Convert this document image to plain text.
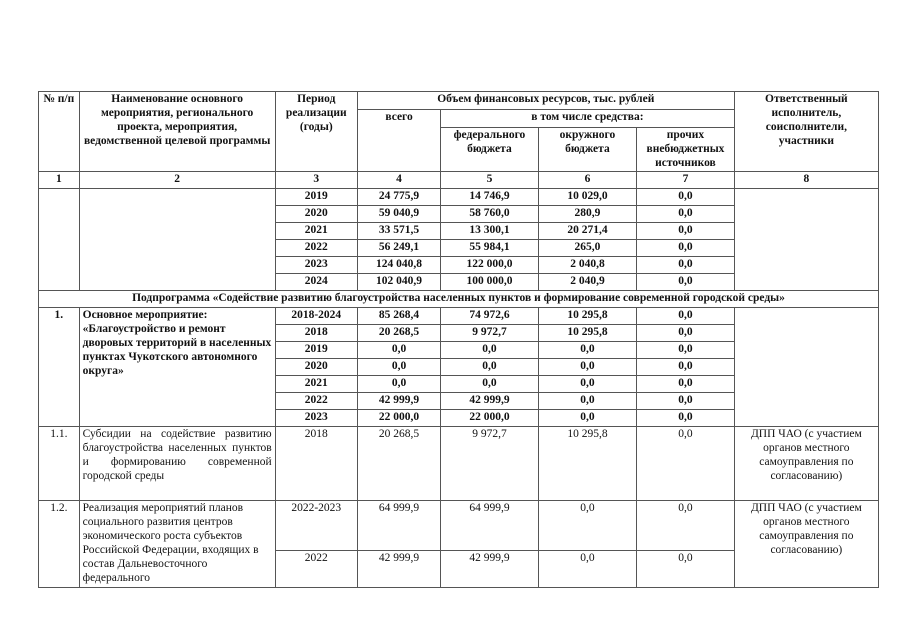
№ п/п	Наименование основного мероприятия, регионального проекта, мероприятия, ведомственной целевой программы	Период реализации (годы)	Объем финансовых ресурсов, тыс. рублей				Ответственный исполнитель, соисполнители, участники
			всего	в том числе средства:			
				федерального бюджета	окружного бюджета	прочих внебюджетных источников	
1	2	3	4	5	6	7	8
		2019	24 775,9	14 746,9	10 029,0	0,0	
		2020	59 040,9	58 760,0	280,9	0,0	
		2021	33 571,5	13 300,1	20 271,4	0,0	
		2022	56 249,1	55 984,1	265,0	0,0	
		2023	124 040,8	122 000,0	2 040,8	0,0	
		2024	102 040,9	100 000,0	2 040,9	0,0	
Подпрограмма «Содействие развитию благоустройства населенных пунктов и формирование современной городской среды»							
1.	Основное мероприятие: «Благоустройство и ремонт дворовых территорий в населенных пунктах Чукотского автономного округа»	2018-2024	85 268,4	74 972,6	10 295,8	0,0	
		2018	20 268,5	9 972,7	10 295,8	0,0	
		2019	0,0	0,0	0,0	0,0	
		2020	0,0	0,0	0,0	0,0	
		2021	0,0	0,0	0,0	0,0	
		2022	42 999,9	42 999,9	0,0	0,0	
		2023	22 000,0	22 000,0	0,0	0,0	
1.1.	Субсидии на содействие развитию благоустройства населенных пунктов и формированию современной городской среды	2018	20 268,5	9 972,7	10 295,8	0,0	ДПП ЧАО (с участием органов местного самоуправления по согласованию)
1.2.	Реализация мероприятий планов социального развития центров экономического роста субъектов Российской Федерации, входящих в состав Дальневосточного федерального	2022-2023	64 999,9	64 999,9	0,0	0,0	ДПП ЧАО (с участием органов местного самоуправления по согласованию)
		2022	42 999,9	42 999,9	0,0	0,0	
